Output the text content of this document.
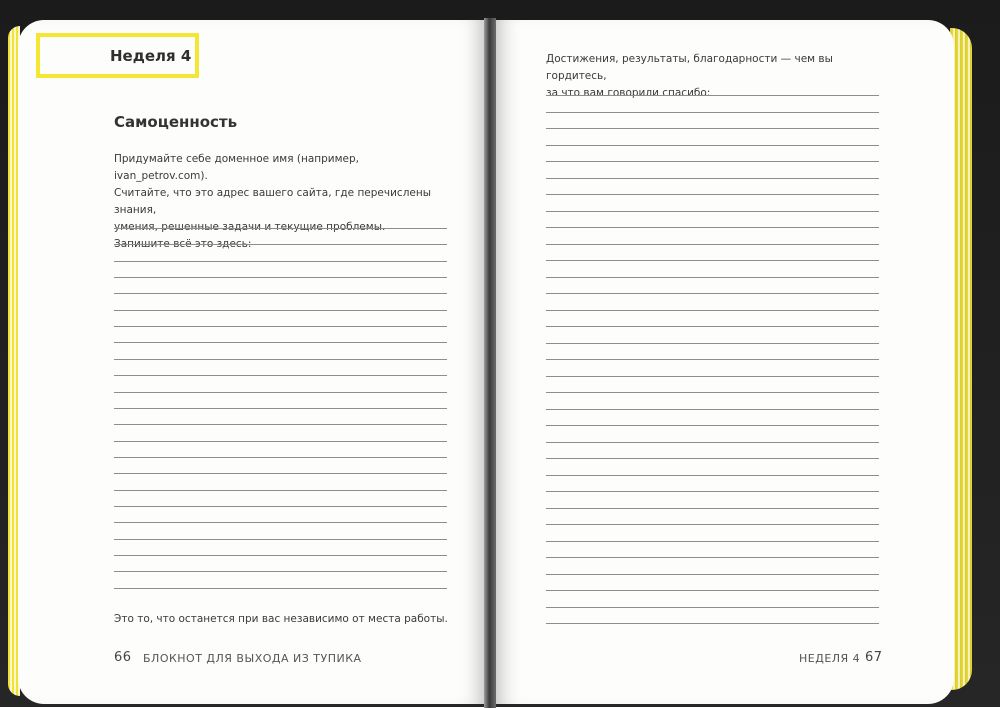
Неделя 4
Самоценность
Придумайте себе доменное имя (например, ivan_petrov.com).
Считайте, что это адрес вашего сайта, где перечислены знания,
умения, решенные задачи и текущие проблемы.
Запишите всё это здесь:
Это то, что останется при вас независимо от места работы.
66 БЛОКНОТ ДЛЯ ВЫХОДА ИЗ ТУПИКА
Достижения, результаты, благодарности — чем вы гордитесь,
за что вам говорили спасибо:
НЕДЕЛЯ 4 67
